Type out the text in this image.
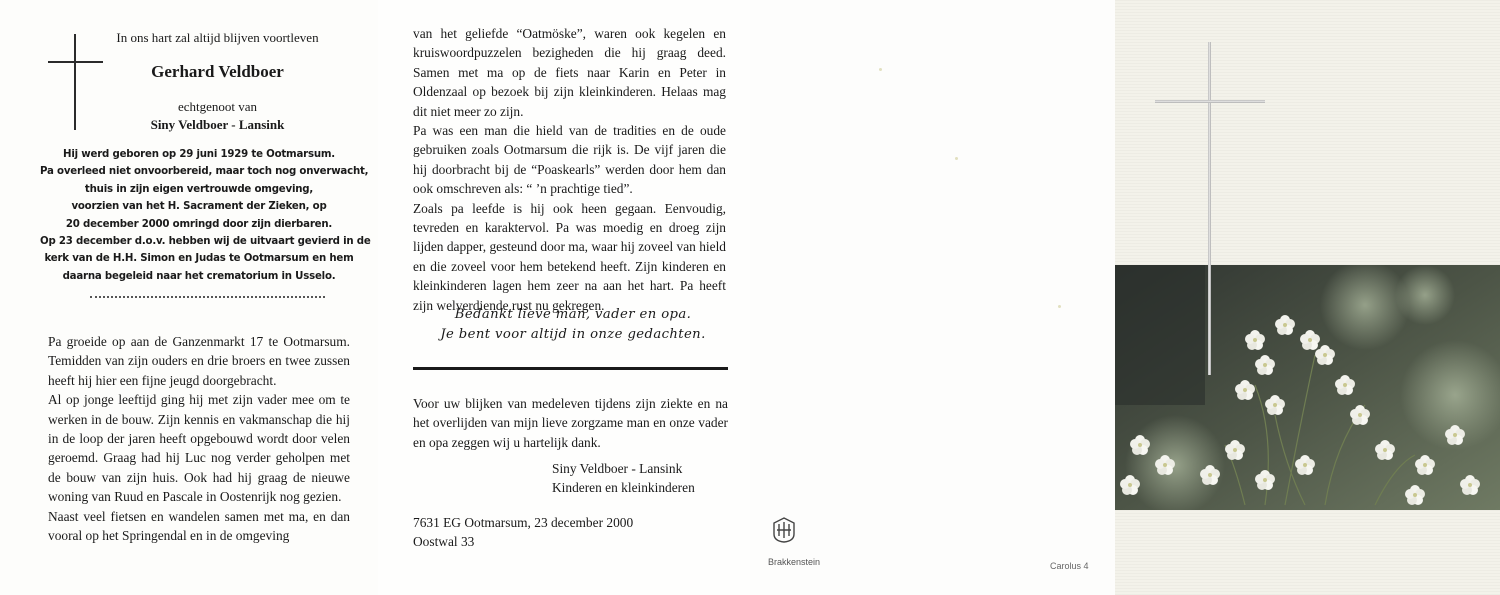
In ons hart zal altijd blijven voortleven
Gerhard Veldboer
echtgenoot van
Siny Veldboer - Lansink
Hij werd geboren op 29 juni 1929 te Ootmarsum.
Pa overleed niet onvoorbereid, maar toch nog onverwacht,
thuis in zijn eigen vertrouwde omgeving,
voorzien van het H. Sacrament der Zieken, op
20 december 2000 omringd door zijn dierbaren.
Op 23 december d.o.v. hebben wij de uitvaart gevierd in de
kerk van de H.H. Simon en Judas te Ootmarsum en hem
daarna begeleid naar het crematorium in Usselo.

Pa groeide op aan de Ganzenmarkt 17 te Ootmarsum. Temidden van zijn ouders en drie broers en twee zussen heeft hij hier een fijne jeugd doorgebracht.

Al op jonge leeftijd ging hij met zijn vader mee om te werken in de bouw. Zijn kennis en vakmanschap die hij in de loop der jaren heeft opgebouwd wordt door velen geroemd. Graag had hij Luc nog verder geholpen met de bouw van zijn huis. Ook had hij graag de nieuwe woning van Ruud en Pascale in Oostenrijk nog gezien.

Naast veel fietsen en wandelen samen met ma, en dan vooral op het Springendal en in de omgeving

van het geliefde “Oatmöske”, waren ook kegelen en kruiswoordpuzzelen bezigheden die hij graag deed. Samen met ma op de fiets naar Karin en Peter in Oldenzaal op bezoek bij zijn kleinkinderen. Helaas mag dit niet meer zo zijn.

Pa was een man die hield van de tradities en de oude gebruiken zoals Ootmarsum die rijk is. De vijf jaren die hij doorbracht bij de “Poaskearls” werden door hem dan ook omschreven als: “ ’n prachtige tied”.

Zoals pa leefde is hij ook heen gegaan. Eenvoudig, tevreden en karaktervol. Pa was moedig en droeg zijn lijden dapper, gesteund door ma, waar hij zoveel van hield en die zoveel voor hem betekend heeft. Zijn kinderen en kleinkinderen lagen hem zeer na aan het hart. Pa heeft zijn welverdiende rust nu gekregen.

Bedankt lieve man, vader en opa.
Je bent voor altijd in onze gedachten.
Voor uw blijken van medeleven tijdens zijn ziekte en na het overlijden van mijn lieve zorgzame man en onze vader en opa zeggen wij u hartelijk dank.
Siny Veldboer - Lansink
Kinderen en kleinkinderen
7631 EG Ootmarsum, 23 december 2000
Oostwal 33
Brakkenstein	Carolus 4
